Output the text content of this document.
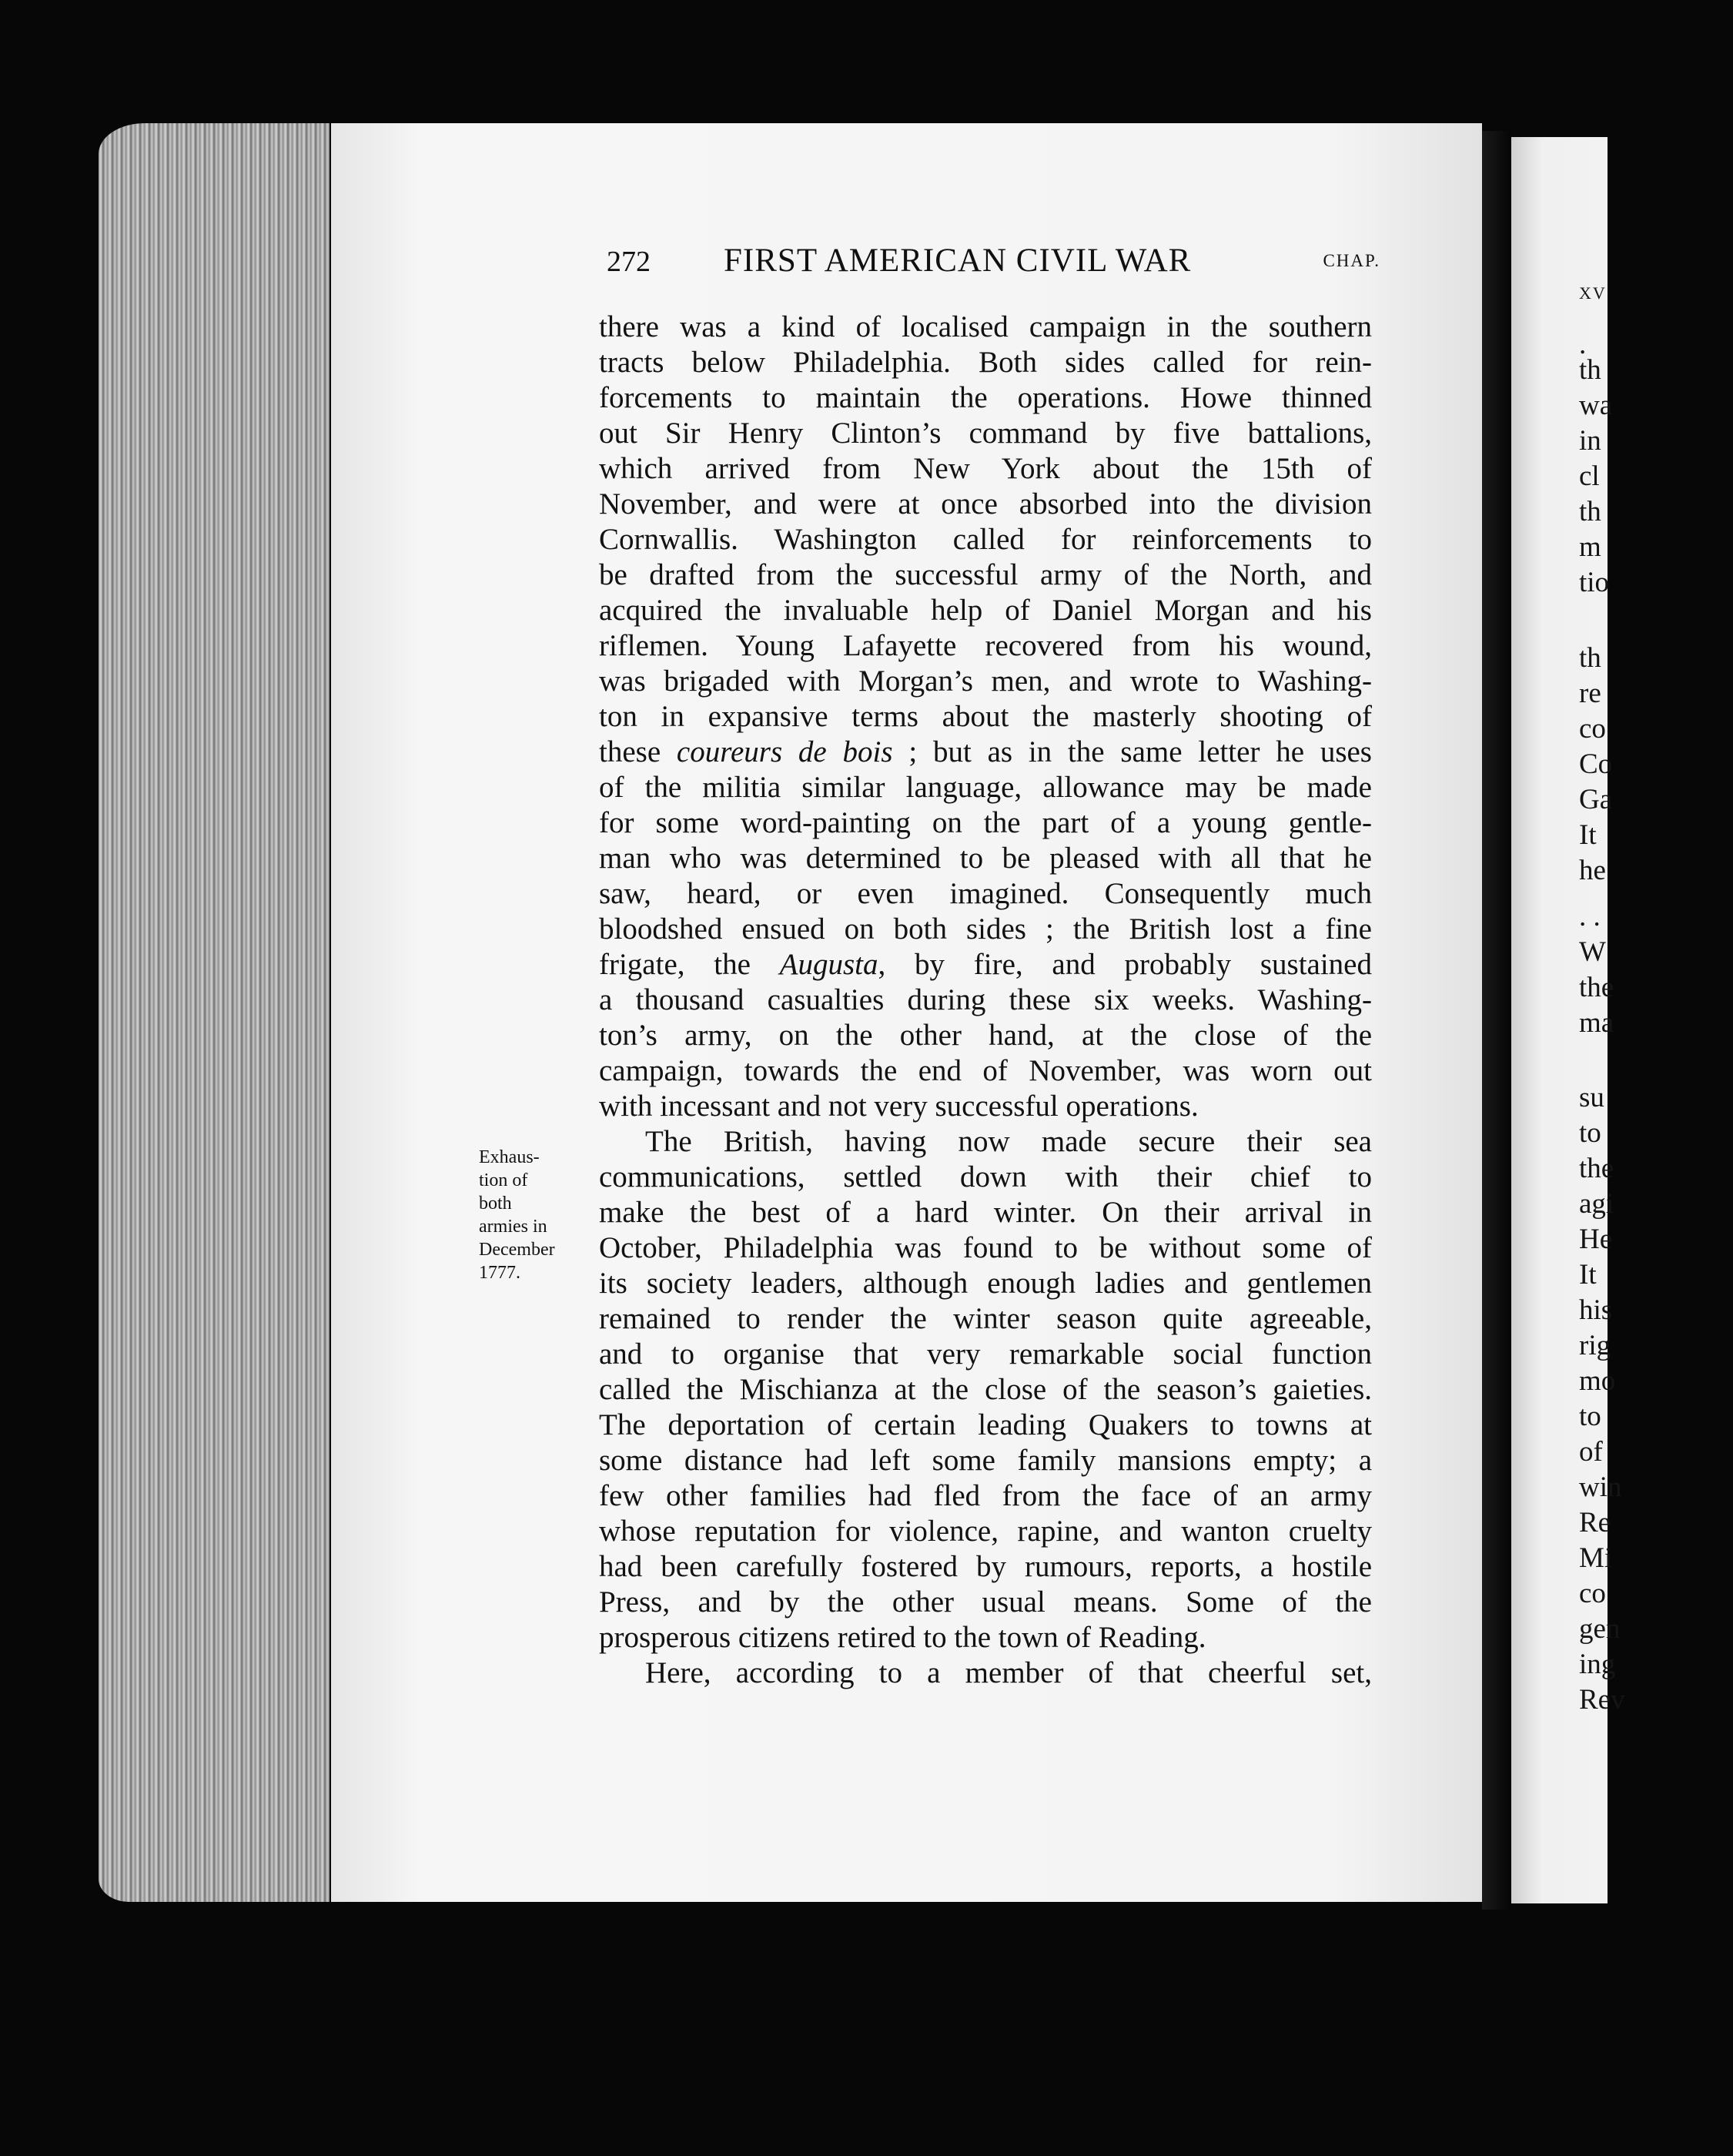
XV
.
th
wa
in
cl
th
m
tio
th
re
co
Co
Ga
It
he
. .
W
the
ma
su
to
the
agi
He
It
his
rig
mo
to
of
win
Re
Mi
co
gen
ing
Rev
272 FIRST AMERICAN CIVIL WAR	CHAP.
Exhaus-
tion of
both
armies in
December
1777.
there was a kind of localised campaign in the southern
tracts below Philadelphia. Both sides called for rein-
forcements to maintain the operations. Howe thinned
out Sir Henry Clinton’s command by five battalions,
which arrived from New York about the 15th of
November, and were at once absorbed into the division
Cornwallis. Washington called for reinforcements to
be drafted from the successful army of the North, and
acquired the invaluable help of Daniel Morgan and his
riflemen. Young Lafayette recovered from his wound,
was brigaded with Morgan’s men, and wrote to Washing-
ton in expansive terms about the masterly shooting of
these coureurs de bois ; but as in the same letter he uses
of the militia similar language, allowance may be made
for some word-painting on the part of a young gentle-
man who was determined to be pleased with all that he
saw, heard, or even imagined. Consequently much
bloodshed ensued on both sides ; the British lost a fine
frigate, the Augusta, by fire, and probably sustained
a thousand casualties during these six weeks. Washing-
ton’s army, on the other hand, at the close of the
campaign, towards the end of November, was worn out
with incessant and not very successful operations.
The British, having now made secure their sea
communications, settled down with their chief to
make the best of a hard winter. On their arrival in
October, Philadelphia was found to be without some of
its society leaders, although enough ladies and gentlemen
remained to render the winter season quite agreeable,
and to organise that very remarkable social function
called the Mischianza at the close of the season’s gaieties.
The deportation of certain leading Quakers to towns at
some distance had left some family mansions empty; a
few other families had fled from the face of an army
whose reputation for violence, rapine, and wanton cruelty
had been carefully fostered by rumours, reports, a hostile
Press, and by the other usual means. Some of the
prosperous citizens retired to the town of Reading.
Here, according to a member of that cheerful set,
